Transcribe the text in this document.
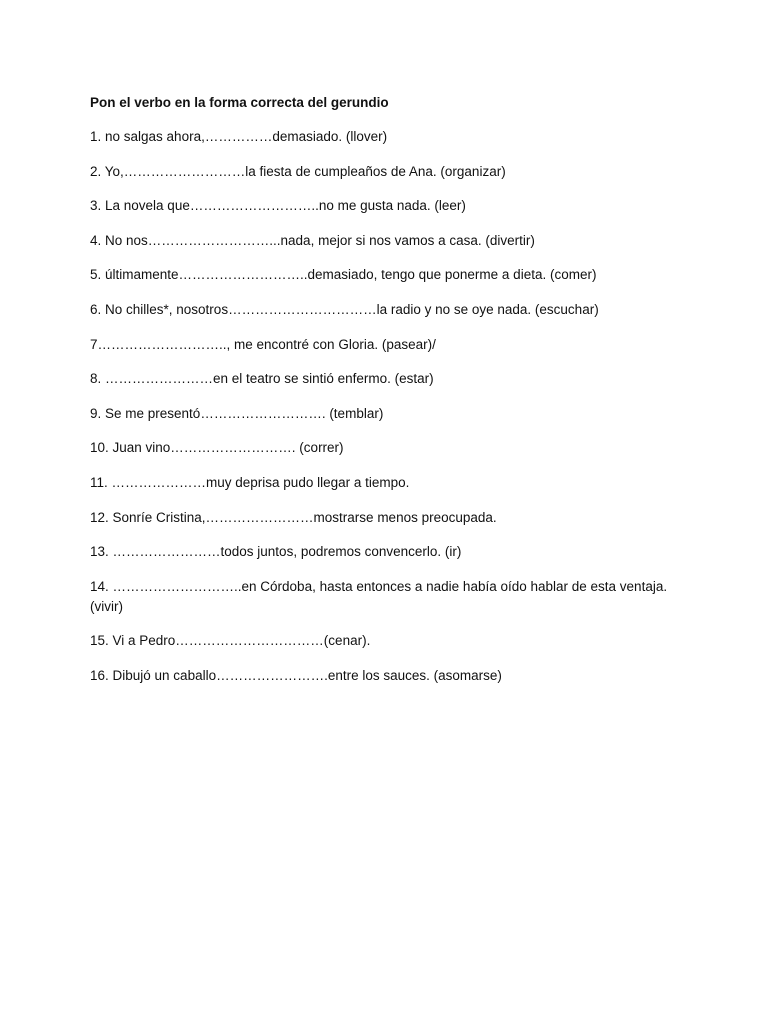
Pon el verbo en la forma correcta del gerundio
1. no salgas ahora,……………demasiado. (llover)
2. Yo,………………………la fiesta de cumpleaños de Ana. (organizar)
3. La novela que………………………..no me gusta nada. (leer)
4. No nos………………………...nada, mejor si nos vamos a casa. (divertir)
5. últimamente………………………..demasiado, tengo que ponerme a dieta. (comer)
6. No chilles*, nosotros……………………………la radio y no se oye nada. (escuchar)
7……………………….., me encontré con Gloria. (pasear)/
8. ……………………en el teatro se sintió enfermo. (estar)
9. Se me presentó………………………. (temblar)
10. Juan vino………………………. (correr)
11. …………………muy deprisa pudo llegar a tiempo.
12. Sonríe Cristina,……………………mostrarse menos preocupada.
13. ……………………todos juntos, podremos convencerlo. (ir)
14. ………………………..en Córdoba, hasta entonces a nadie había oído hablar de esta ventaja. (vivir)
15. Vi a Pedro……………………………(cenar).
16. Dibujó un caballo…………………….entre los sauces. (asomarse)
